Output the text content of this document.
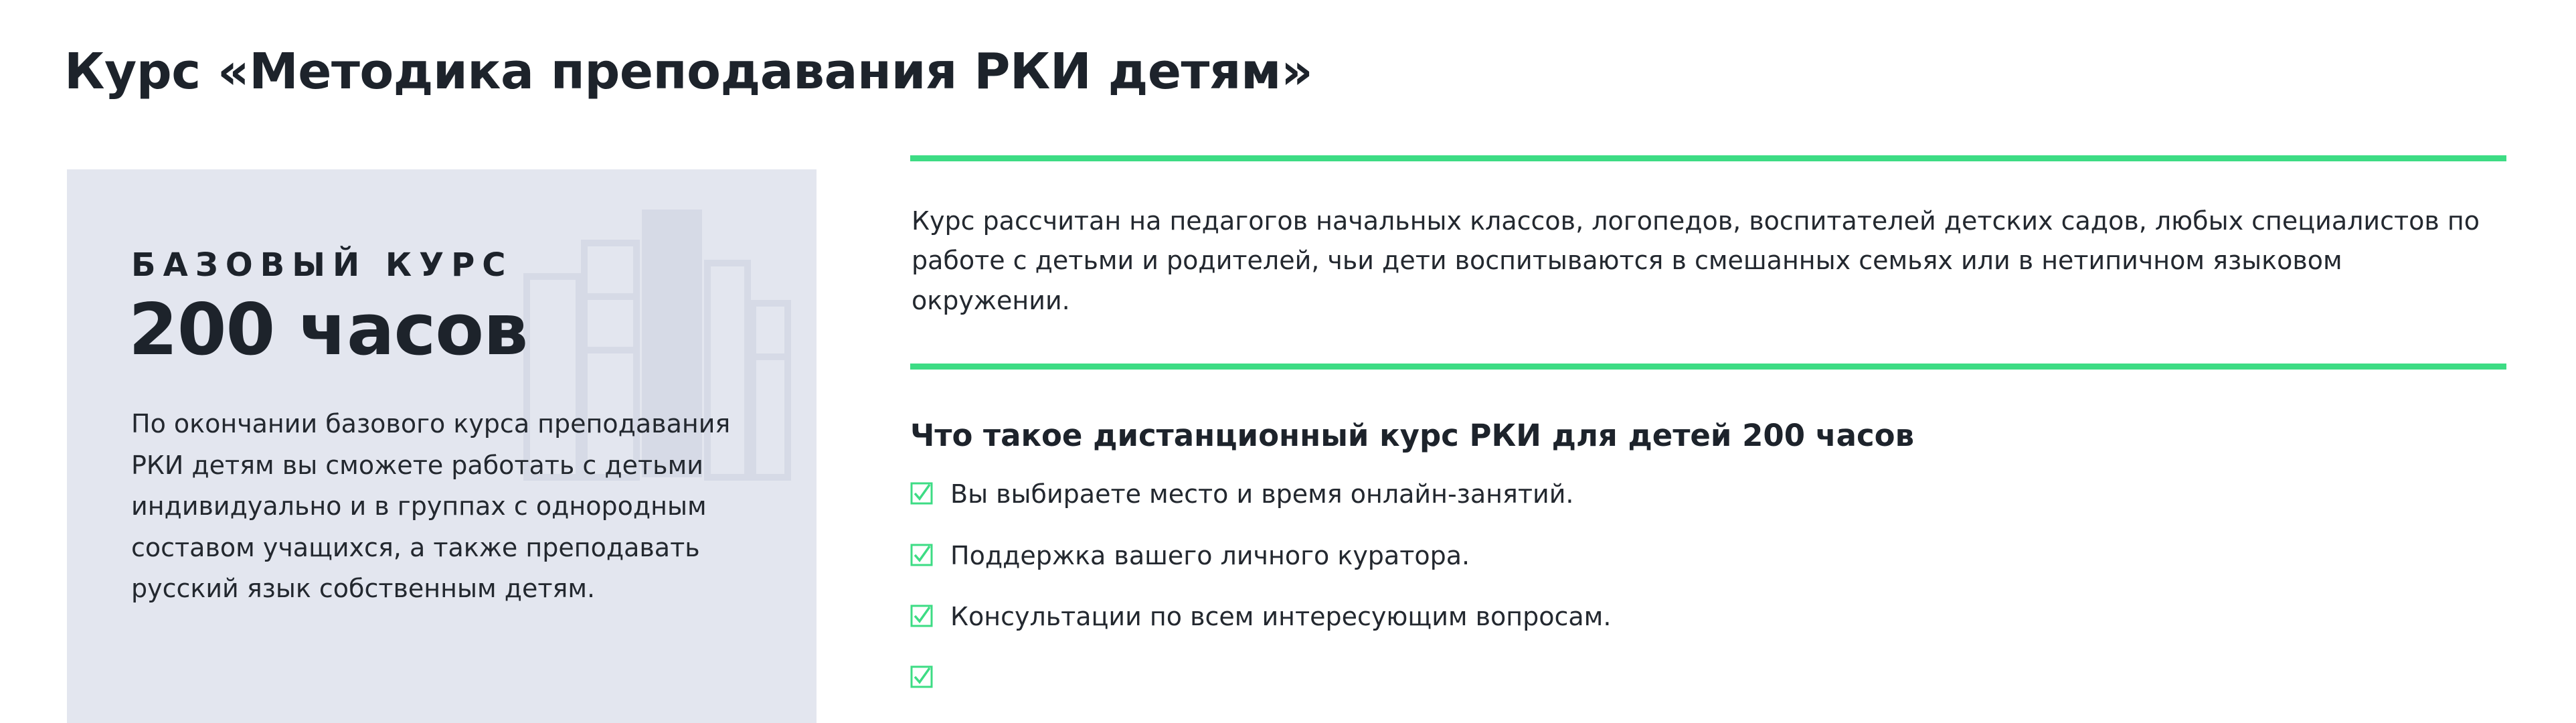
Курс «Методика преподавания РКИ детям»
БАЗОВЫЙ КУРС
200 часов
По окончании базового курса преподавания РКИ детям вы сможете работать с детьми индивидуально и в группах с однородным составом учащихся, а также преподавать русский язык собственным детям.

Курс рассчитан на педагогов начальных классов, логопедов, воспитателей детских садов, любых специалистов по работе с детьми и родителей, чьи дети воспитываются в смешанных семьях или в нетипичном языковом окружении.

Что такое дистанционный курс РКИ для детей 200 часов
Вы выбираете место и время онлайн-занятий.
Поддержка вашего личного куратора.
Консультации по всем интересующим вопросам.
